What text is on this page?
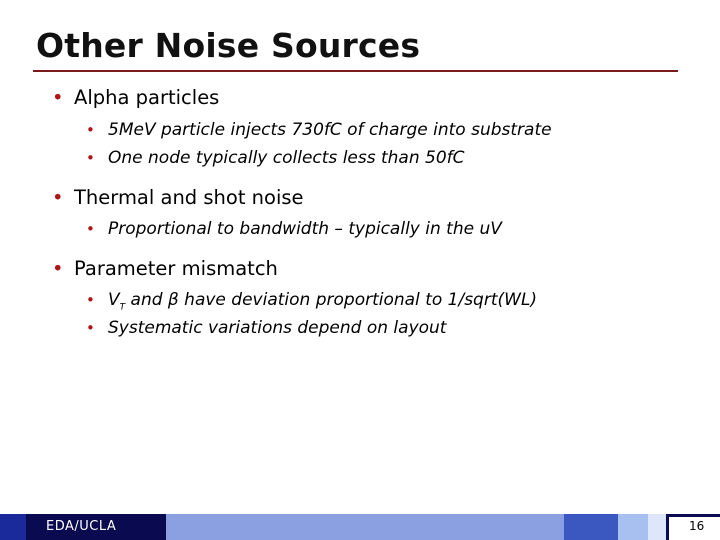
Other Noise Sources
• Alpha particles
• 5MeV particle injects 730fC of charge into substrate
• One node typically collects less than 50fC
• Thermal and shot noise
• Proportional to bandwidth – typically in the uV
• Parameter mismatch
• $V_T$ and β have deviation proportional to 1/sqrt(WL)
• Systematic variations depend on layout
EDA/UCLA	16
